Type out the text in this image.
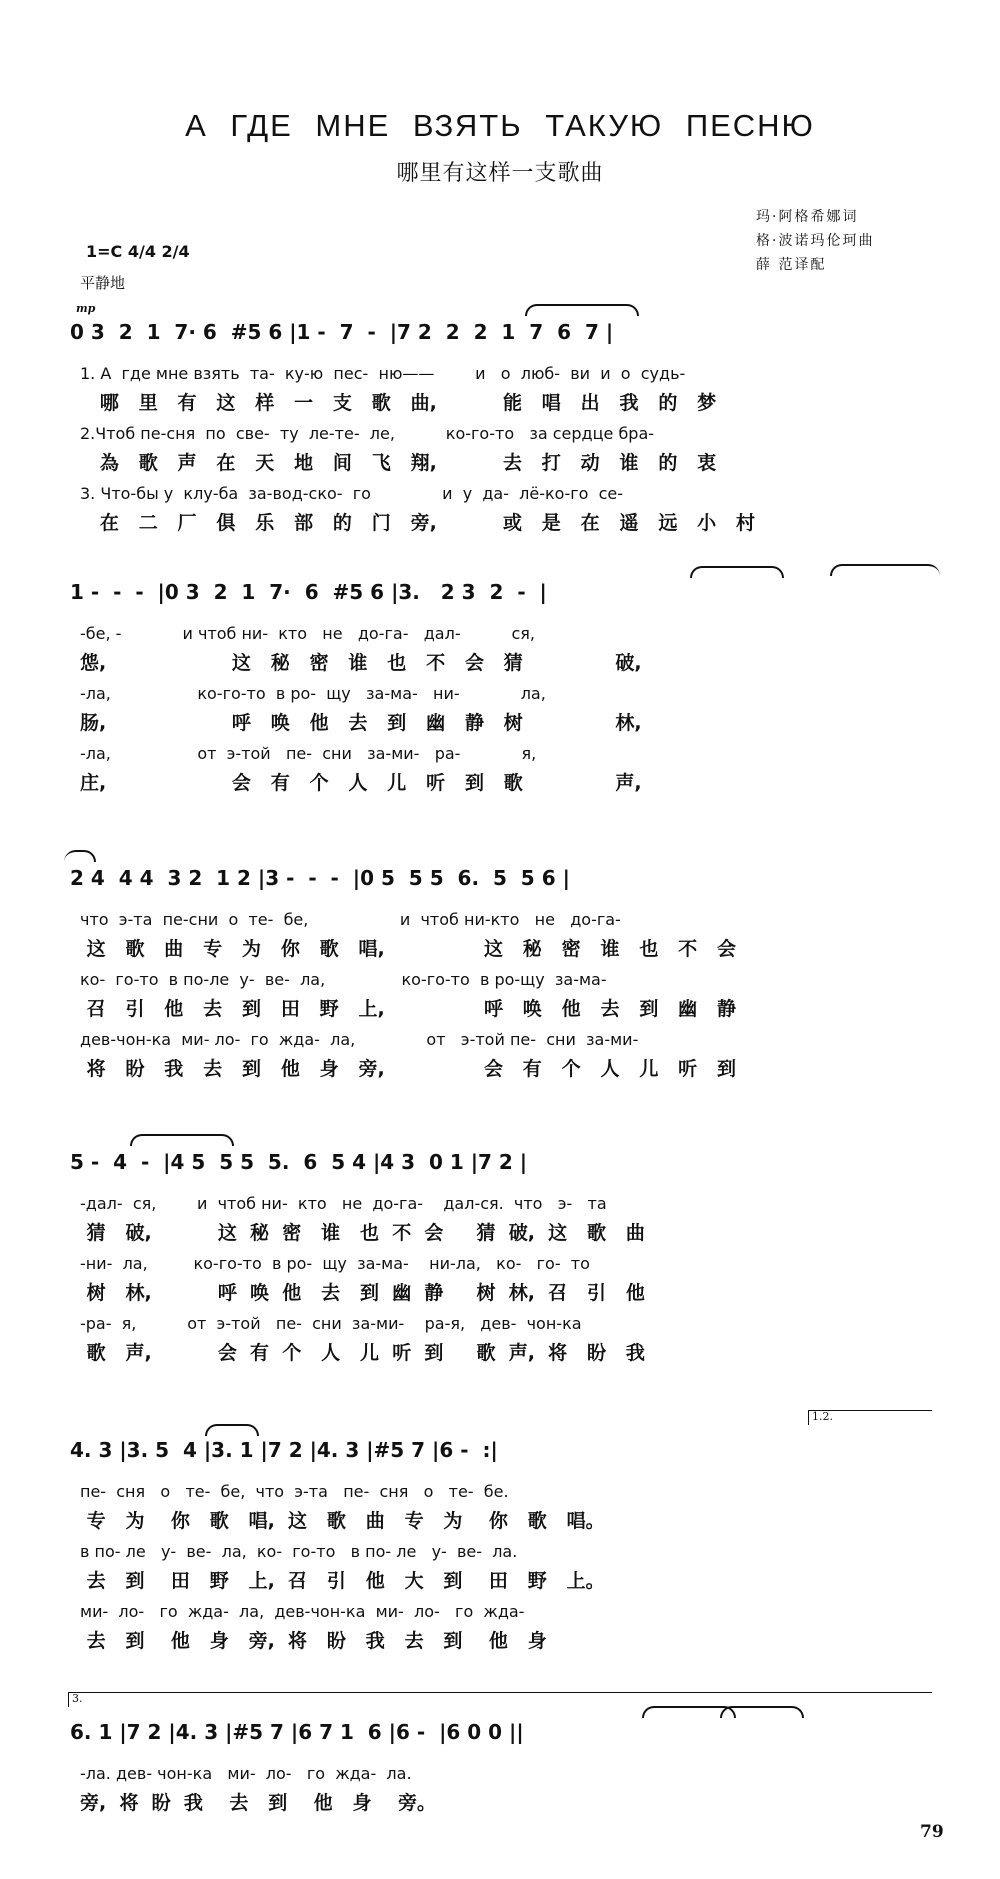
А ГДЕ МНЕ ВЗЯТЬ ТАКУЮ ПЕСНЮ
哪里有这样一支歌曲
玛·阿格希娜词
格·波诺玛伦珂曲
薛 范译配
1=C 4/4 2/4
平静地
mp
0 3  2  1  7· 6  #5 6 |1 -  7  -  |7 2  2  2  1  7  6  7 |
1. А  где мне взять  та-  ку-ю  пес-  ню——        и   о  люб-  ви  и  о  судь-
哪   里   有   这   样   一   支   歌   曲,          能   唱   出   我   的   梦
2.Чтоб пе-сня  по  све-  ту  ле-те-  ле,          ко-го-то   за сердце бра-
為   歌   声   在   天   地   间   飞   翔,          去   打   动   谁   的   衷
3. Что-бы у  клу-ба  за-вод-ско-  го              и  у  да-  лё-ко-го  се-
在   二   厂   俱   乐   部   的   门   旁,          或   是   在   遥   远   小   村
1 -  -  -  |0 3  2  1  7·  6  #5 6 |3.   2 3  2  -  |
-бе, -            и чтоб ни-  кто   не   до-га-   дал-          ся,
怹,                   这   秘   密   谁   也   不   会   猜              破,
-ла,                 ко-го-то  в ро-  щу   за-ма-   ни-            ла,
肠,                   呼   唤   他   去   到   幽   静   树              林,
-ла,                 от  э-той   пе-  сни   за-ми-   ра-            я,
庄,                   会   有   个   人   儿   听   到   歌              声,
2 4  4 4  3 2  1 2 |3 -  -  -  |0 5  5 5  6.  5  5 6 |
что  э-та  пе-сни  о  те-  бе,                  и  чтоб ни-кто   не   до-га-
这   歌   曲   专   为   你   歌   唱,               这   秘   密   谁   也   不   会
ко-  го-то  в по-ле  у-  ве-  ла,               ко-го-то  в ро-щу  за-ма-
召   引   他   去   到   田   野   上,               呼   唤   他   去   到   幽   静
дев-чон-ка  ми- ло-  го  жда-  ла,              от   э-той пе-  сни  за-ми-
将   盼   我   去   到   他   身   旁,               会   有   个   人   儿   听   到
5 -  4  -  |4 5  5 5  5.  6  5 4 |4 3  0 1 |7 2 |
-дал-  ся,        и  чтоб ни-  кто   не  до-га-    дал-ся.  что   э-   та
猜   破,          这  秘  密   谁   也  不  会     猜  破,  这   歌   曲
-ни-  ла,         ко-го-то  в ро-  щу  за-ма-    ни-ла,   ко-   го-  то
树   林,          呼  唤  他   去   到  幽  静     树  林,  召   引   他
-ра-  я,          от  э-той   пе-  сни  за-ми-    ра-я,   дев-  чон-ка
歌   声,          会  有  个   人   儿  听  到     歌  声,  将   盼   我
1.2.
4. 3 |3. 5  4 |3. 1 |7 2 |4. 3 |#5 7 |6 -  :|
пе-  сня   о   те-  бе,  что  э-та   пе-  сня   о   те-  бе.
专   为    你   歌   唱,  这   歌   曲   专   为    你   歌   唱。
в по- ле   у-  ве-  ла,  ко-  го-то   в по- ле   у-  ве-  ла.
去   到    田   野   上,  召   引   他   大   到    田   野   上。
ми-  ло-   го  жда-  ла,  дев-чон-ка  ми-  ло-   го  жда-
去   到    他   身   旁,  将   盼   我   去   到    他   身
3.
6. 1 |7 2 |4. 3 |#5 7 |6 7 1  6 |6 -  |6 0 0 ||
-ла. дев- чон-ка   ми-  ло-   го  жда-  ла.
旁,  将  盼  我    去   到    他   身    旁。
79
